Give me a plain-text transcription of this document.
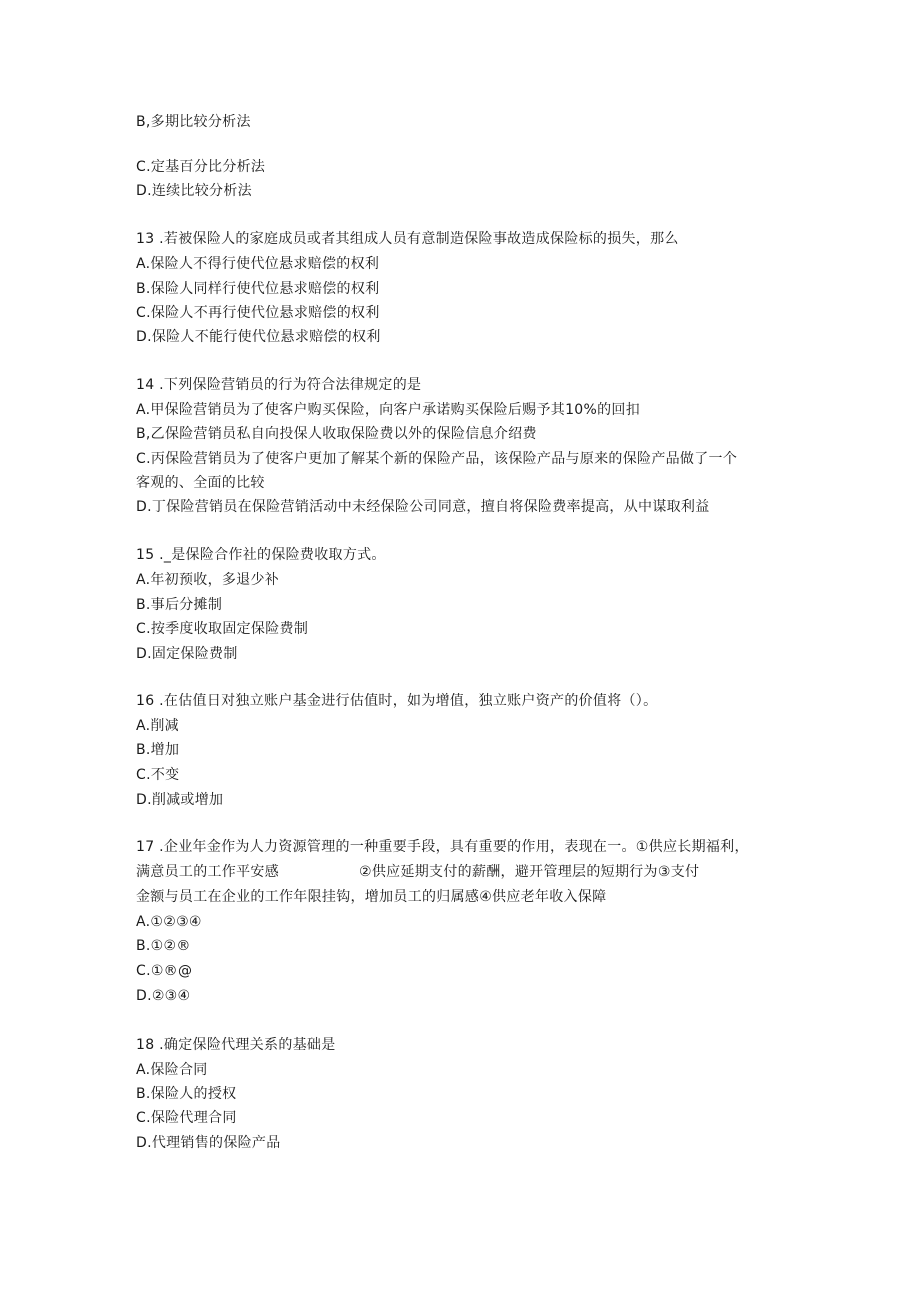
B,多期比较分析法
C.定基百分比分析法
D.连续比较分析法
13 .若被保险人的家庭成员或者其组成人员有意制造保险事故造成保险标的损失，那么
A.保险人不得行使代位悬求赔偿的权利
B.保险人同样行使代位悬求赔偿的权利
C.保险人不再行使代位悬求赔偿的权利
D.保险人不能行使代位悬求赔偿的权利
14 .下列保险营销员的行为符合法律规定的是
A.甲保险营销员为了使客户购买保险，向客户承诺购买保险后赐予其10%的回扣
B,乙保险营销员私自向投保人收取保险费以外的保险信息介绍费
C.丙保险营销员为了使客户更加了解某个新的保险产品，该保险产品与原来的保险产品做了一个
客观的、全面的比较
D.丁保险营销员在保险营销活动中未经保险公司同意，擅自将保险费率提高，从中谋取利益
15 ._是保险合作社的保险费收取方式。
A.年初预收，多退少补
B.事后分摊制
C.按季度收取固定保险费制
D.固定保险费制
16 .在估值日对独立账户基金进行估值时，如为增值，独立账户资产的价值将（）。
A.削减
B.增加
C.不变
D.削减或增加
17 .企业年金作为人力资源管理的一种重要手段，具有重要的作用，表现在一。①供应长期福利，
满意员工的工作平安感	②供应延期支付的薪酬，避开管理层的短期行为③支付
金额与员工在企业的工作年限挂钩，增加员工的归属感④供应老年收入保障
A.①②③④
B.①②®
C.①®@
D.②③④
18 .确定保险代理关系的基础是
A.保险合同
B.保险人的授权
C.保险代理合同
D.代理销售的保险产品
